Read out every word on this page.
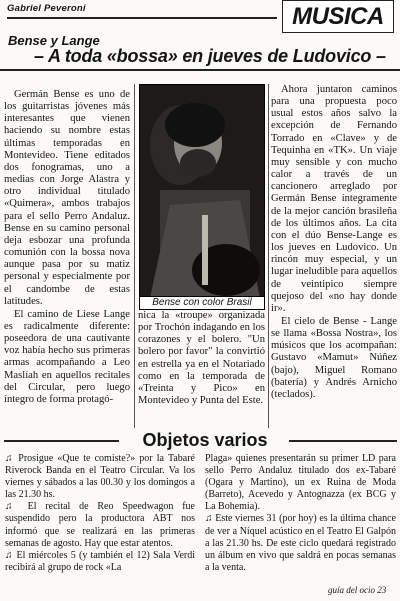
Gabriel Peveroni	MUSICA
Bense y Lange
– A toda «bossa» en jueves de Ludovico –

Germán Bense es uno de los guitarristas jóvenes más interesantes que vienen haciendo su nombre estas últimas temporadas en Montevideo. Tiene editados dos fonogramas, uno a medias con Jorge Alastra y otro individual titulado «Quimera», ambos trabajos para el sello Perro Andaluz. Bense en su camino personal deja esbozar una profunda comunión con la bossa nova aunque pasa por su matiz personal y especialmente por el candombe de estas latitudes.

El camino de Liese Lange es radicalmente diferente: poseedora de una cautivante voz había hecho sus primeras armas acompañando a Leo Maslíah en aquellos recitales del Circular, pero luego íntegro de forma protagó-

Bense con color Brasil

nica la «troupe» organizada por Trochón indagando en los corazones y el bolero. "Un bolero por favor" la convirtió en estrella ya en el Notariado como en la temporada de «Treinta y Pico» en Montevideo y Punta del Este.

Ahora juntaron caminos para una propuesta poco usual estos años salvo la excepción de Fernando Torrado en «Clave» y de Tequinha en «TK». Un viaje muy sensible y con mucho calor a través de un cancionero arreglado por Germán Bense íntegramente de la mejor canción brasileña de los últimos años. La cita con el dúo Bense-Lange es los jueves en Ludovico. Un rincón muy especial, y un lugar ineludible para aquellos de veintipico siempre quejoso del «no hay donde ir».

El cielo de Bense - Lange se llama «Bossa Nostra», los músicos que los acompañan: Gustavo «Mamut» Núñez (bajo), Miguel Romano (batería) y Andrés Arnicho (teclados).

Objetos varios

♫ Prosigue «Que te comiste?» por la Tabaré Riverock Banda en el Teatro Circular. Va los viernes y sábados a las 00.30 y los domingos a las 21.30 hs.

♫ El recital de Reo Speedwagon fue suspendido pero la productora ABT nos informó que se realizará en las primeras semanas de agosto. Hay que estar atentos.

♫ El miércoles 5 (y también el 12) Sala Verdi recibirá al grupo de rock «La

Plaga» quienes presentarán su primer LD para sello Perro Andaluz titulado dos ex-Tabaré (Ogara y Martino), un ex Ruina de Moda (Barreto), Acevedo y Antognazza (ex BCG y La Bohemia).

♫ Este viernes 31 (por hoy) es la última chance de ver a Níquel acústico en el Teatro El Galpón a las 21.30 hs. De este ciclo quedará registrado un álbum en vivo que saldrá en pocas semanas a la venta.

guía del ocio 23
